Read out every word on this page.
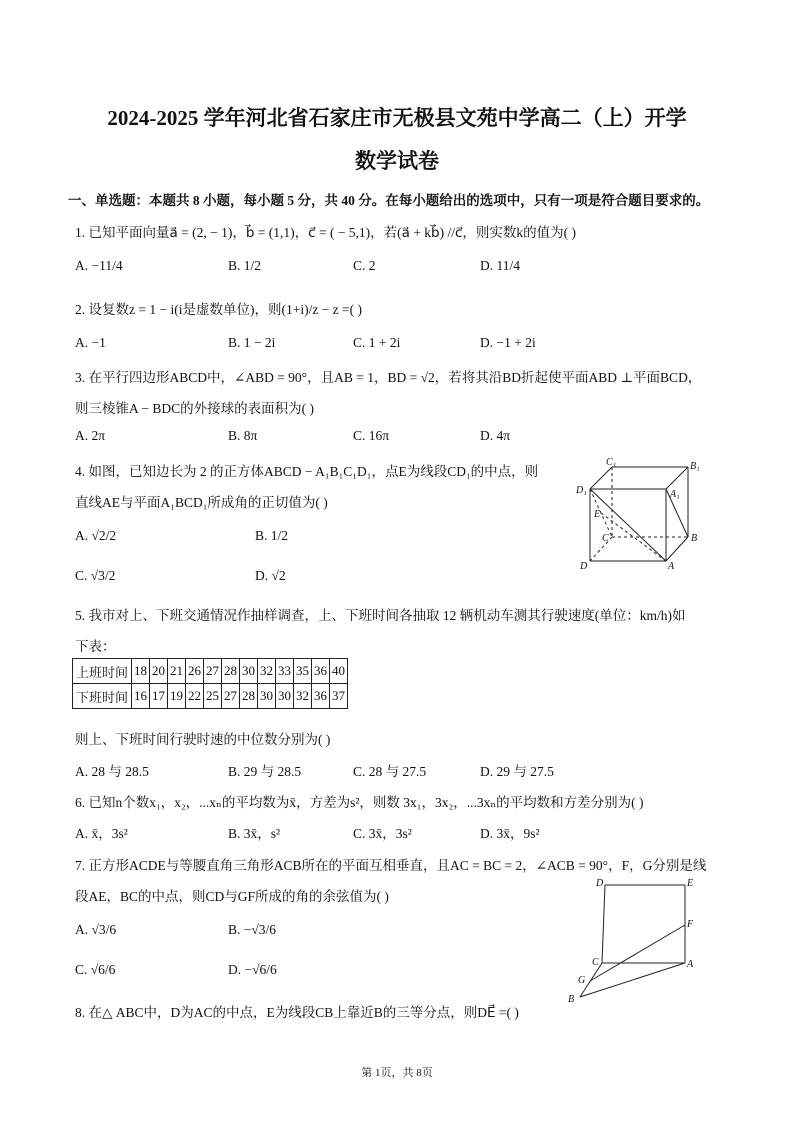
2024-2025 学年河北省石家庄市无极县文苑中学高二（上）开学
数学试卷
一、单选题：本题共 8 小题，每小题 5 分，共 40 分。在每小题给出的选项中，只有一项是符合题目要求的。
1. 已知平面向量a⃗ = (2, − 1)，b⃗ = (1,1)，c⃗ = ( − 5,1)，若(a⃗ + kb⃗) //c⃗，则实数k的值为( )
A. −11/4	B. 1/2	C. 2	D. 11/4
2. 设复数z = 1 − i(i是虚数单位)，则(1+i)/z − z =( )
A. −1	B. 1 − 2i	C. 1 + 2i	D. −1 + 2i
3. 在平行四边形ABCD中，∠ABD = 90°，且AB = 1，BD = √2，若将其沿BD折起使平面ABD ⊥平面BCD，
则三棱锥A − BDC的外接球的表面积为( )
A. 2π	B. 8π	C. 16π	D. 4π
4. 如图，已知边长为 2 的正方体ABCD − A₁B₁C₁D₁，点E为线段CD₁的中点，则
直线AE与平面A₁BCD₁所成角的正切值为( )
A. √2/2	B. 1/2
C. √3/2	D. √2
C₁	B₁
D₁	A₁
E
C	B
D	A
5. 我市对上、下班交通情况作抽样调查，上、下班时间各抽取 12 辆机动车测其行驶速度(单位：km/h)如
下表：
上班时间	18	20	21	26	27	28	30	32	33	35	36	40
下班时间	16	17	19	22	25	27	28	30	30	32	36	37
则上、下班时间行驶时速的中位数分别为( )
A. 28 与 28.5	B. 29 与 28.5	C. 28 与 27.5	D. 29 与 27.5
6. 已知n个数x₁，x₂，...xₙ的平均数为x̄，方差为s²，则数 3x₁，3x₂，...3xₙ的平均数和方差分别为( )
A. x̄，3s²	B. 3x̄，s²	C. 3x̄，3s²	D. 3x̄，9s²
7. 正方形ACDE与等腰直角三角形ACB所在的平面互相垂直，且AC = BC = 2，∠ACB = 90°，F，G分别是线
段AE，BC的中点，则CD与GF所成的角的余弦值为( )
A. √3/6	B. −√3/6
C. √6/6	D. −√6/6
D	E
F
C	A
G
B
8. 在△ ABC中，D为AC的中点，E为线段CB上靠近B的三等分点，则DE⃗ =( )
第 1页，共 8页
